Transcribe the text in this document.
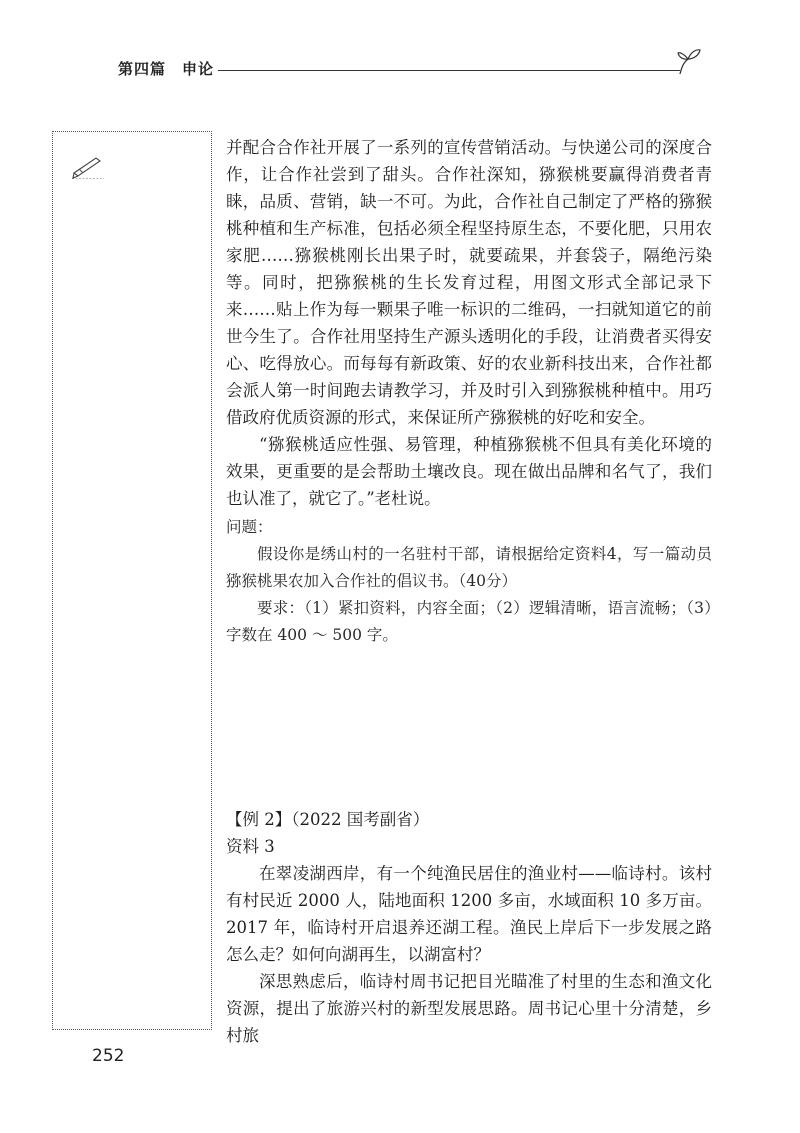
第四篇　申论

并配合合作社开展了一系列的宣传营销活动。与快递公司的深度合作，让合作社尝到了甜头。合作社深知，猕猴桃要赢得消费者青睐，品质、营销，缺一不可。为此，合作社自己制定了严格的猕猴桃种植和生产标准，包括必须全程坚持原生态，不要化肥，只用农家肥……猕猴桃刚长出果子时，就要疏果，并套袋子，隔绝污染等。同时，把猕猴桃的生长发育过程，用图文形式全部记录下来……贴上作为每一颗果子唯一标识的二维码，一扫就知道它的前世今生了。合作社用坚持生产源头透明化的手段，让消费者买得安心、吃得放心。而每每有新政策、好的农业新科技出来，合作社都会派人第一时间跑去请教学习，并及时引入到猕猴桃种植中。用巧借政府优质资源的形式，来保证所产猕猴桃的好吃和安全。

“猕猴桃适应性强、易管理，种植猕猴桃不但具有美化环境的效果，更重要的是会帮助土壤改良。现在做出品牌和名气了，我们也认准了，就它了。”老杜说。

问题：

假设你是绣山村的一名驻村干部，请根据给定资料4，写一篇动员猕猴桃果农加入合作社的倡议书。（40分）

要求：（1）紧扣资料，内容全面；（2）逻辑清晰，语言流畅；（3）字数在 400 ～ 500 字。

【例 2】（2022 国考副省）

资料 3

在翠凌湖西岸，有一个纯渔民居住的渔业村——临诗村。该村有村民近 2000 人，陆地面积 1200 多亩，水域面积 10 多万亩。2017 年，临诗村开启退养还湖工程。渔民上岸后下一步发展之路怎么走？如何向湖再生，以湖富村？

深思熟虑后，临诗村周书记把目光瞄准了村里的生态和渔文化资源，提出了旅游兴村的新型发展思路。周书记心里十分清楚，乡村旅

252
